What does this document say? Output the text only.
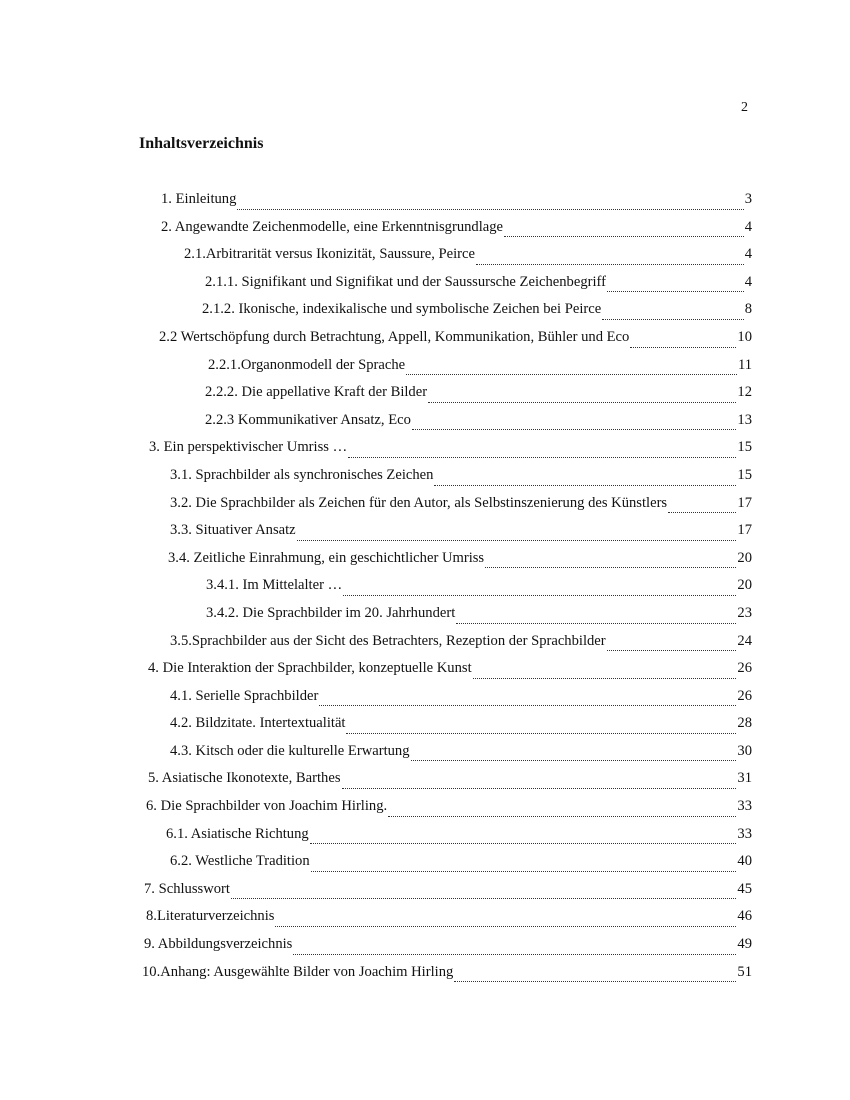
2
Inhaltsverzeichnis
1. Einleitung	3
2. Angewandte Zeichenmodelle, eine Erkenntnisgrundlage	4
2.1.Arbitrarität versus Ikonizität, Saussure, Peirce	4
2.1.1. Signifikant und Signifikat und der Saussursche Zeichenbegriff	4
2.1.2. Ikonische, indexikalische und symbolische Zeichen bei Peirce	8
2.2 Wertschöpfung durch Betrachtung, Appell, Kommunikation, Bühler und Eco	10
2.2.1.Organonmodell der Sprache	11
2.2.2. Die appellative Kraft der Bilder	12
2.2.3 Kommunikativer Ansatz, Eco	13
3. Ein perspektivischer Umriss …	15
3.1. Sprachbilder als synchronisches Zeichen	15
3.2. Die Sprachbilder als Zeichen für den Autor, als Selbstinszenierung des Künstlers	17
3.3. Situativer Ansatz	17
3.4. Zeitliche Einrahmung, ein geschichtlicher Umriss	20
3.4.1. Im Mittelalter …	20
3.4.2. Die Sprachbilder im 20. Jahrhundert	23
3.5.Sprachbilder aus der Sicht des Betrachters, Rezeption der Sprachbilder	24
4. Die Interaktion der Sprachbilder, konzeptuelle Kunst	26
4.1. Serielle Sprachbilder	26
4.2. Bildzitate. Intertextualität	28
4.3. Kitsch oder die kulturelle Erwartung	30
5. Asiatische Ikonotexte, Barthes	31
6. Die Sprachbilder von Joachim Hirling.	33
6.1. Asiatische Richtung	33
6.2. Westliche Tradition	40
7. Schlusswort	45
8.Literaturverzeichnis	46
9. Abbildungsverzeichnis	49
10.Anhang: Ausgewählte Bilder von Joachim Hirling	51
